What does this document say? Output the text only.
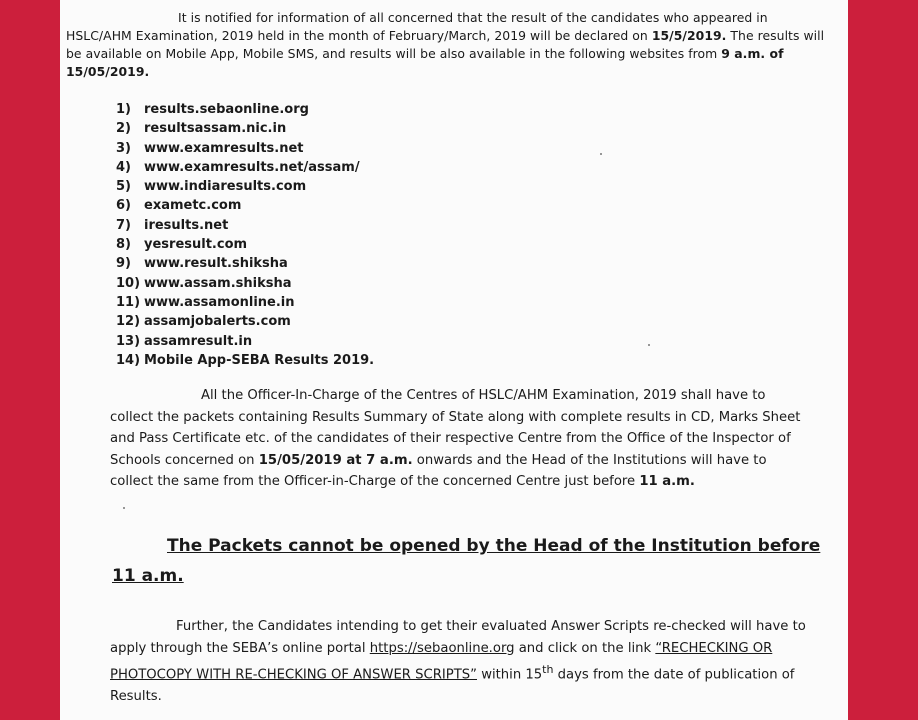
It is notified for information of all concerned that the result of the candidates who appeared in HSLC/AHM Examination, 2019 held in the month of February/March, 2019 will be declared on 15/5/2019. The results will be available on Mobile App, Mobile SMS, and results will be also available in the following websites from 9 a.m. of 15/05/2019.
1) results.sebaonline.org
2) resultsassam.nic.in
3) www.examresults.net
4) www.examresults.net/assam/
5) www.indiaresults.com
6) exametc.com
7) iresults.net
8) yesresult.com
9) www.result.shiksha
10) www.assam.shiksha
11) www.assamonline.in
12) assamjobalerts.com
13) assamresult.in
14) Mobile App-SEBA Results 2019.
All the Officer-In-Charge of the Centres of HSLC/AHM Examination, 2019 shall have to collect the packets containing Results Summary of State along with complete results in CD, Marks Sheet and Pass Certificate etc. of the candidates of their respective Centre from the Office of the Inspector of Schools concerned on 15/05/2019 at 7 a.m. onwards and the Head of the Institutions will have to collect the same from the Officer-in-Charge of the concerned Centre just before 11 a.m.
The Packets cannot be opened by the Head of the Institution before
11 a.m.
Further, the Candidates intending to get their evaluated Answer Scripts re-checked will have to apply through the SEBA’s online portal https://sebaonline.org and click on the link “RECHECKING OR PHOTOCOPY WITH RE-CHECKING OF ANSWER SCRIPTS” within 15th days from the date of publication of Results.
